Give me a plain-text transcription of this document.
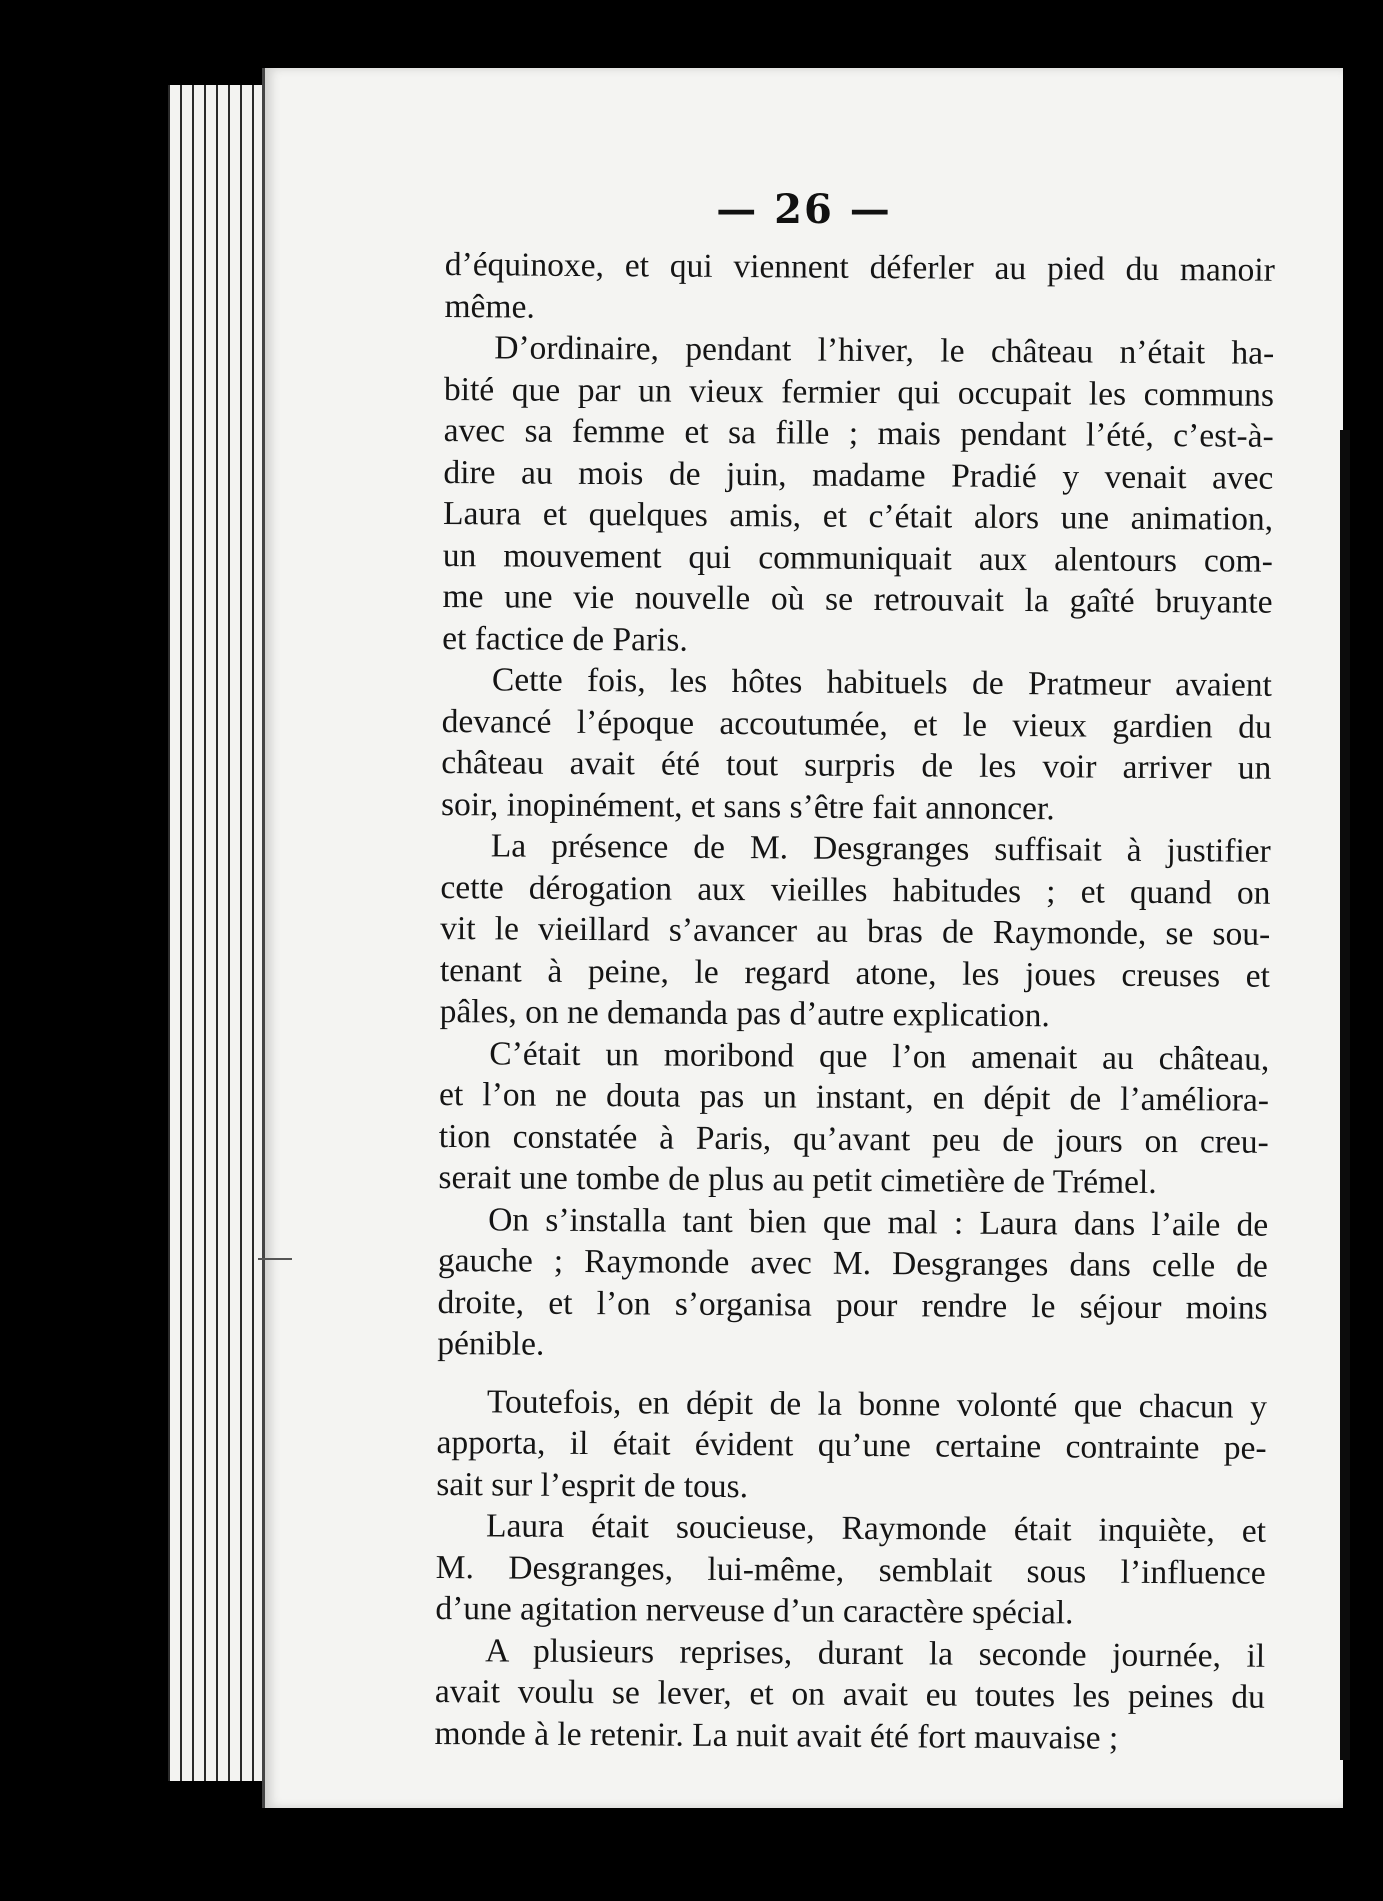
— 26 —

d’équinoxe, et qui viennent déferler au pied du manoir

même.

D’ordinaire, pendant l’hiver, le château n’était ha-

bité que par un vieux fermier qui occupait les communs

avec sa femme et sa fille ; mais pendant l’été, c’est-à-

dire au mois de juin, madame Pradié y venait avec

Laura et quelques amis, et c’était alors une animation,

un mouvement qui communiquait aux alentours com-

me une vie nouvelle où se retrouvait la gaîté bruyante

et factice de Paris.

Cette fois, les hôtes habituels de Pratmeur avaient

devancé l’époque accoutumée, et le vieux gardien du

château avait été tout surpris de les voir arriver un

soir, inopinément, et sans s’être fait annoncer.

La présence de M. Desgranges suffisait à justifier

cette dérogation aux vieilles habitudes ; et quand on

vit le vieillard s’avancer au bras de Raymonde, se sou-

tenant à peine, le regard atone, les joues creuses et

pâles, on ne demanda pas d’autre explication.

C’était un moribond que l’on amenait au château,

et l’on ne douta pas un instant, en dépit de l’améliora-

tion constatée à Paris, qu’avant peu de jours on creu-

serait une tombe de plus au petit cimetière de Trémel.

On s’installa tant bien que mal : Laura dans l’aile de

gauche ; Raymonde avec M. Desgranges dans celle de

droite, et l’on s’organisa pour rendre le séjour moins

pénible.

Toutefois, en dépit de la bonne volonté que chacun y

apporta, il était évident qu’une certaine contrainte pe-

sait sur l’esprit de tous.

Laura était soucieuse, Raymonde était inquiète, et

M. Desgranges, lui-même, semblait sous l’influence

d’une agitation nerveuse d’un caractère spécial.

A plusieurs reprises, durant la seconde journée, il

avait voulu se lever, et on avait eu toutes les peines du

monde à le retenir. La nuit avait été fort mauvaise ;
